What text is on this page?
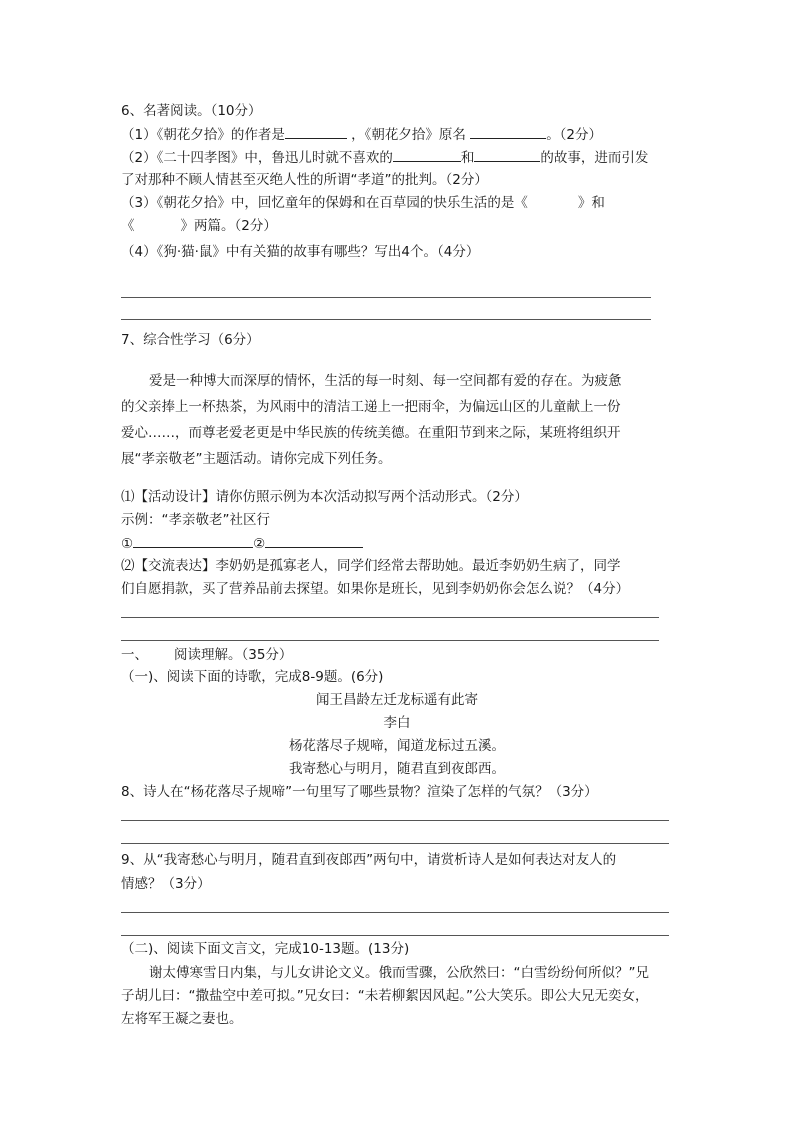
6、名著阅读。（10分）
（1）《朝花夕拾》的作者是	，《朝花夕拾》原名	。（2分）
（2）《二十四孝图》中，鲁迅儿时就不喜欢的	和	的故事，进而引发
了对那种不顾人情甚至灭绝人性的所谓“孝道”的批判。（2分）
（3）《朝花夕拾》中，回忆童年的保姆和在百草园的快乐生活的是《	》和
《	》两篇。（2分）
（4）《狗·猫·鼠》中有关猫的故事有哪些？写出4个。（4分）
7、综合性学习（6分）
爱是一种博大而深厚的情怀，生活的每一时刻、每一空间都有爱的存在。为疲惫
的父亲捧上一杯热茶，为风雨中的清洁工递上一把雨伞，为偏远山区的儿童献上一份
爱心……，而尊老爱老更是中华民族的传统美德。在重阳节到来之际，某班将组织开
展“孝亲敬老”主题活动。请你完成下列任务。
⑴【活动设计】请你仿照示例为本次活动拟写两个活动形式。（2分）
示例：“孝亲敬老”社区行
①	②
⑵【交流表达】李奶奶是孤寡老人，同学们经常去帮助她。最近李奶奶生病了，同学
们自愿捐款，买了营养品前去探望。如果你是班长，见到李奶奶你会怎么说？（4分）
一、 阅读理解。（35分）
（一)、阅读下面的诗歌，完成8-9题。(6分)
闻王昌龄左迁龙标遥有此寄
李白
杨花落尽子规啼，闻道龙标过五溪。
我寄愁心与明月，随君直到夜郎西。
8、诗人在“杨花落尽子规啼”一句里写了哪些景物？渲染了怎样的气氛？（3分）
9、从“我寄愁心与明月，随君直到夜郎西”两句中，请赏析诗人是如何表达对友人的
情感？（3分）
（二)、阅读下面文言文，完成10-13题。(13分)
谢太傅寒雪日内集，与儿女讲论文义。俄而雪骤，公欣然曰：“白雪纷纷何所似？”兄
子胡儿曰：“撒盐空中差可拟。”兄女曰：“未若柳絮因风起。”公大笑乐。即公大兄无奕女，
左将军王凝之妻也。
